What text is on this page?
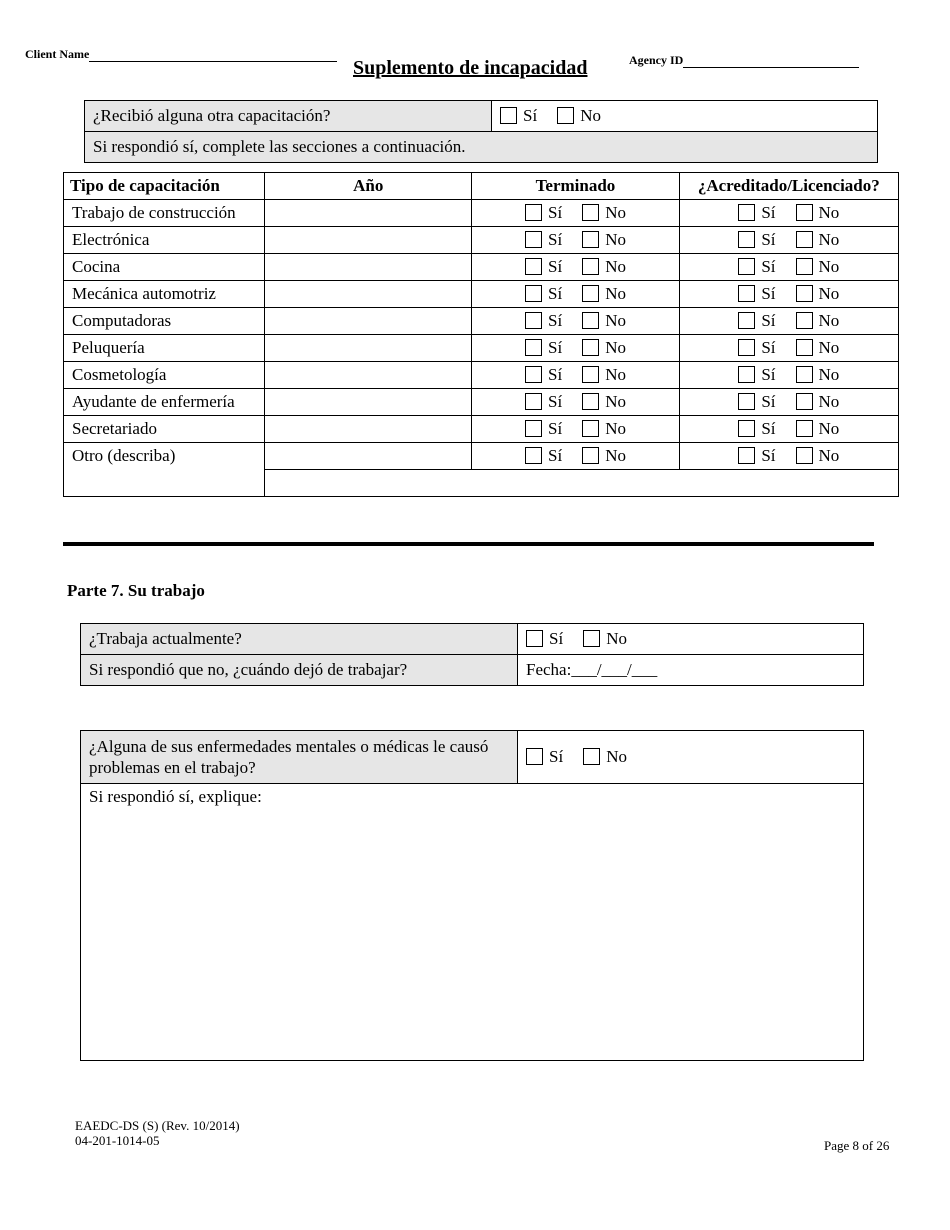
Client Name
Suplemento de incapacidad	Agency ID
¿Recibió alguna otra capacitación?	Sí	No
Si respondió sí, complete las secciones a continuación.
Tipo de capacitación	Año	Terminado	¿Acreditado/Licenciado?
Trabajo de construcción		Sí No	Sí No
Electrónica		Sí No	Sí No
Cocina		Sí No	Sí No
Mecánica automotriz		Sí No	Sí No
Computadoras		Sí No	Sí No
Peluquería		Sí No	Sí No
Cosmetología		Sí No	Sí No
Ayudante de enfermería		Sí No	Sí No
Secretariado		Sí No	Sí No
Otro (describa)		Sí No	Sí No

Parte 7. Su trabajo
¿Trabaja actualmente?	Sí No
Si respondió que no, ¿cuándo dejó de trabajar?	Fecha:___/___/___
¿Alguna de sus enfermedades mentales o médicas le causó problemas en el trabajo?	Sí	No
Si respondió sí, explique:
EAEDC-DS (S) (Rev. 10/2014)
04-201-1014-05	Page 8 of 26
